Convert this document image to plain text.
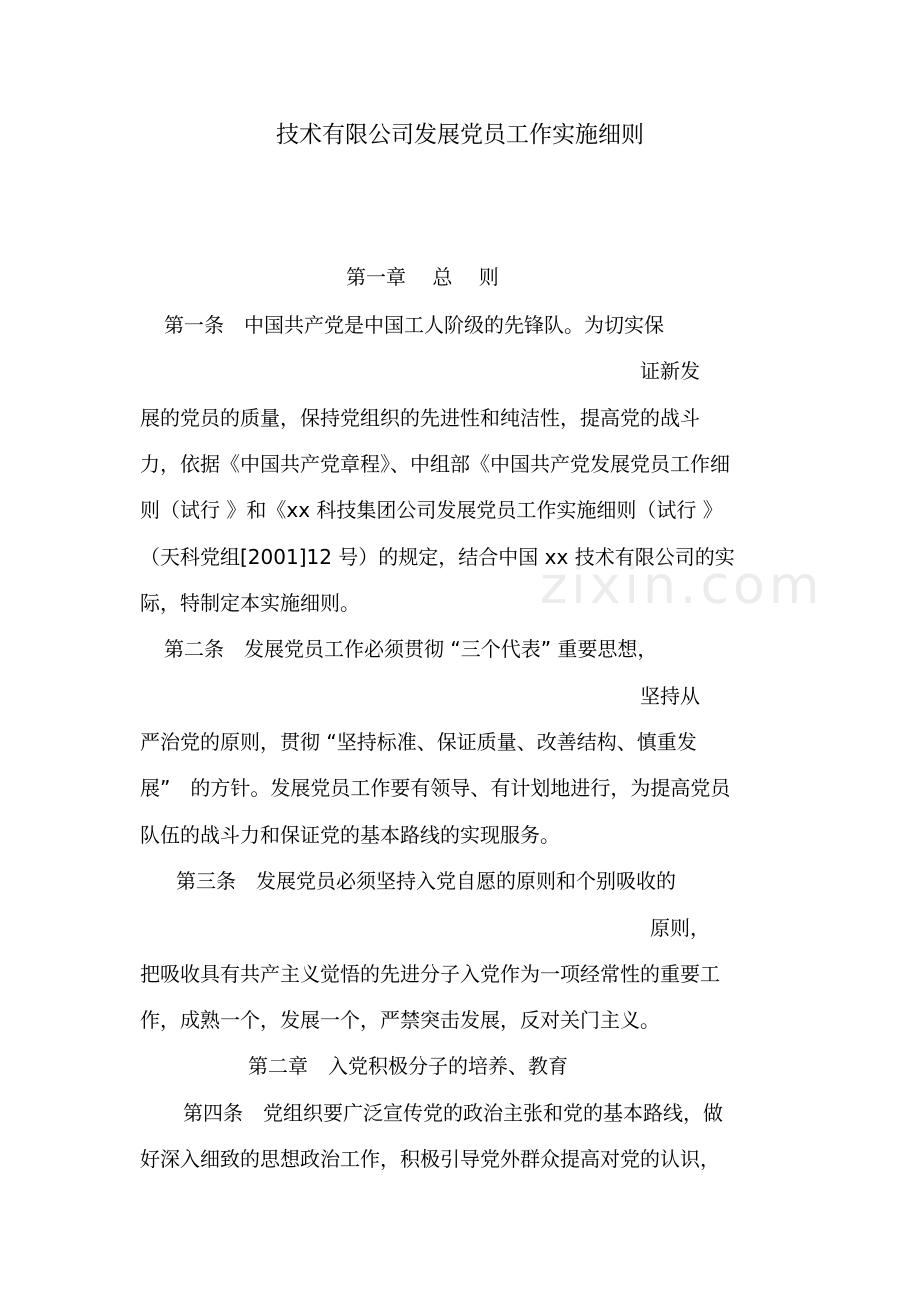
技术有限公司发展党员工作实施细则
zixin.com
第一章　 总　 则
第一条　中国共产党是中国工人阶级的先锋队。为切实保
证新发
展的党员的质量，保持党组织的先进性和纯洁性，提高党的战斗
力，依据《中国共产党章程》、中组部《中国共产党发展党员工作细
则（试行 》和《xx 科技集团公司发展党员工作实施细则（试行 》
（天科党组[2001]12 号）的规定，结合中国 xx 技术有限公司的实
际，特制定本实施细则。
第二条　发展党员工作必须贯彻 “三个代表” 重要思想，
坚持从
严治党的原则，贯彻 “坚持标准、保证质量、改善结构、慎重发
展”　的方针。发展党员工作要有领导、有计划地进行，为提高党员
队伍的战斗力和保证党的基本路线的实现服务。
第三条　发展党员必须坚持入党自愿的原则和个别吸收的
原则，
把吸收具有共产主义觉悟的先进分子入党作为一项经常性的重要工
作，成熟一个，发展一个，严禁突击发展，反对关门主义。
第二章　入党积极分子的培养、教育
第四条　党组织要广泛宣传党的政治主张和党的基本路线，做
好深入细致的思想政治工作，积极引导党外群众提高对党的认识，
